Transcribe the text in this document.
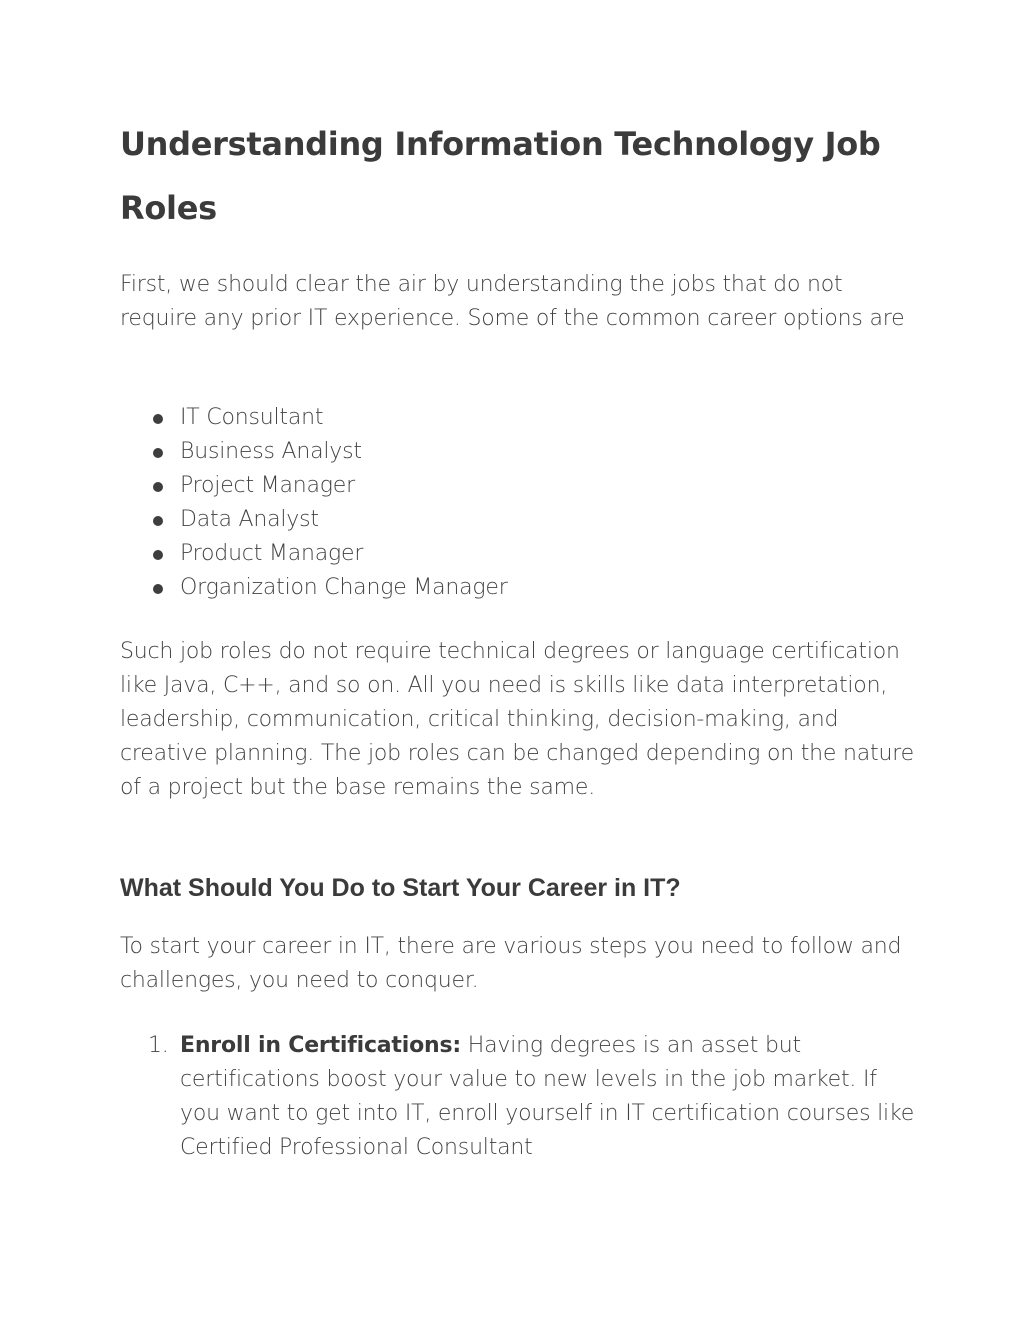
Understanding Information Technology Job Roles

First, we should clear the air by understanding the jobs that do not require any prior IT experience. Some of the common career options are

IT Consultant
Business Analyst
Project Manager
Data Analyst
Product Manager
Organization Change Manager

Such job roles do not require technical degrees or language certification like Java, C++, and so on. All you need is skills like data interpretation, leadership, communication, critical thinking, decision-making, and creative planning. The job roles can be changed depending on the nature of a project but the base remains the same.

What Should You Do to Start Your Career in IT?

To start your career in IT, there are various steps you need to follow and challenges, you need to conquer.

1. Enroll in Certifications: Having degrees is an asset but certifications boost your value to new levels in the job market. If you want to get into IT, enroll yourself in IT certification courses like Certified Professional Consultant
